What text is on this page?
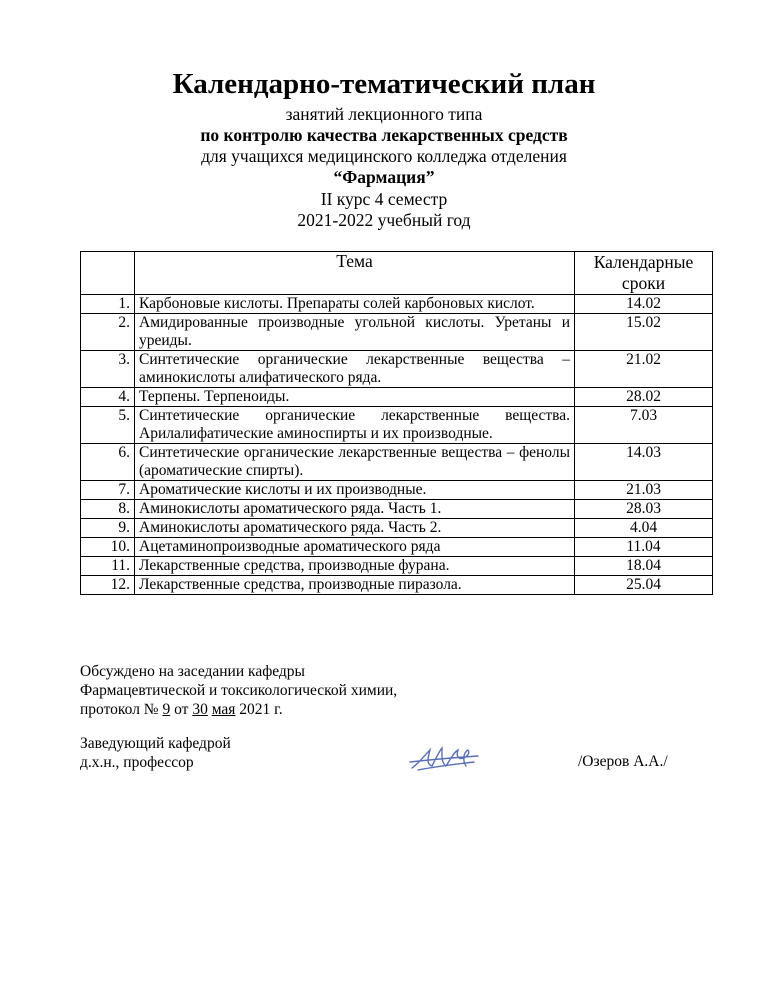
Календарно-тематический план
занятий лекционного типа
по контролю качества лекарственных средств
для учащихся медицинского колледжа отделения
“Фармация”
II курс 4 семестр
2021-2022 учебный год
	Тема	Календарные
сроки
1.	Карбоновые кислоты. Препараты солей карбоновых кислот.	14.02
2.	Амидированные производные угольной кислоты. Уретаны и уреиды.	15.02
3.	Синтетические органические лекарственные вещества – аминокислоты алифатического ряда.	21.02
4.	Терпены. Терпеноиды.	28.02
5.	Синтетические органические лекарственные вещества. Арилалифатические аминоспирты и их производные.	7.03
6.	Синтетические органические лекарственные вещества – фенолы (ароматические спирты).	14.03
7.	Ароматические кислоты и их производные.	21.03
8.	Аминокислоты ароматического ряда. Часть 1.	28.03
9.	Аминокислоты ароматического ряда. Часть 2.	4.04
10.	Ацетаминопроизводные ароматического ряда	11.04
11.	Лекарственные средства, производные фурана.	18.04
12.	Лекарственные средства, производные пиразола.	25.04
Обсуждено на заседании кафедры
Фармацевтической и токсикологической химии,
протокол № 9 от 30 мая 2021 г.
Заведующий кафедрой
д.х.н., профессор	/Озеров А.А./
